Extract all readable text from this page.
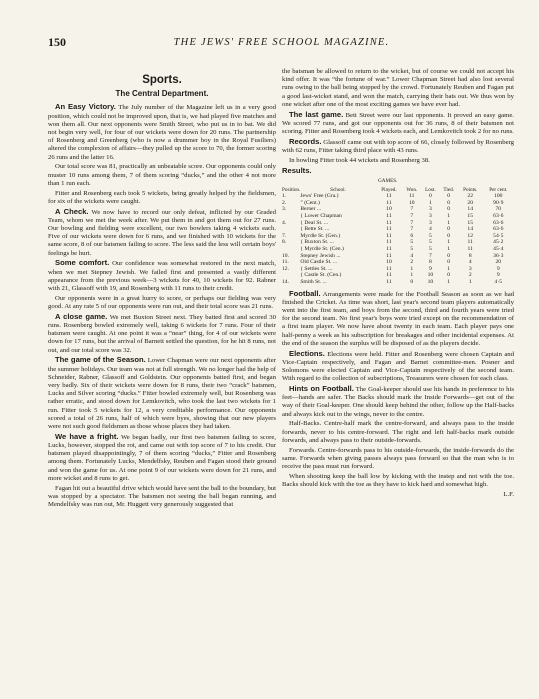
150	THE JEWS' FREE SCHOOL MAGAZINE.
Sports.
The Central Department.

An Easy Victory. The July number of the Magazine left us in a very good position, which could not be improved upon, that is, we had played five matches and won them all. Our next opponents were Smith Street, who put us in to bat. We did not begin very well, for four of our wickets were down for 20 runs. The partnership of Rosenberg and Greenberg (who is now a drummer boy in the Royal Fusiliers) altered the complexion of affairs—they pulled up the score to 70, the former scoring 26 runs and the latter 16.

Our total score was 81, practically an unbeatable score. Our opponents could only muster 10 runs among them, 7 of them scoring “ducks,” and the other 4 not more than 1 run each.

Fitter and Rosenberg each took 5 wickets, being greatly helped by the fieldsmen, for six of the wickets were caught.

A Check. We now have to record our only defeat, inflicted by our Graded Team, whom we met the week after. We put them in and got them out for 27 runs. Our bowling and fielding were excellent, our two bowlers taking 4 wickets each. Five of our wickets were down for 6 runs, and we finished with 10 wickets for the same score, 8 of our batsmen failing to score. The less said the less will certain boys' feelings be hurt.

Some comfort. Our confidence was somewhat restored in the next match, when we met Stepney Jewish. We failed first and presented a vastly different appearance from the previous week—3 wickets for 40, 10 wickets for 92. Rabner with 21, Glassoff with 19, and Rosenberg with 11 runs to their credit.

Our opponents were in a great hurry to score, or perhaps our fielding was very good. At any rate 5 of our opponents were run out, and their total score was 21 runs.

A close game. We met Buxton Street next. They batted first and scored 30 runs. Rosenberg bowled extremely well, taking 6 wickets for 7 runs. Four of their batsmen were caught. At one point it was a “near” thing, for 4 of our wickets were down for 17 runs, but the arrival of Barnett settled the question, for he hit 8 runs, not out, and our total score was 32.

The game of the Season. Lower Chapman were our next opponents after the summer holidays. Our team was not at full strength. We no longer had the help of Schneider, Rabner, Glassoff and Goldstein. Our opponents batted first, and began very badly. Six of their wickets were down for 8 runs, their two “crack” batsmen, Lucks and Silver scoring “ducks.” Fitter bowled extremely well, but Rosenberg was rather erratic, and stood down for Lemkovitch, who took the last two wickets for 1 run. Fitter took 5 wickets for 12, a very creditable performance. Our opponents scored a total of 26 runs, half of which were byes, showing that our new players were not such good fieldsmen as those whose places they had taken.

We have a fright. We began badly, our first two batsmen failing to score, Lucks, however, stopped the rot, and came out with top score of 7 to his credit. Our batsmen played disappointingly, 7 of them scoring “ducks,” Fitter and Rosenberg among them. Fortunately Lucks, Mendelfsky, Reuben and Fagan stood their ground and won the game for us. At one point 9 of our wickets were down for 21 runs, and more wicket and 8 runs to get.

Fagan hit out a beautiful drive which would have sent the ball to the boundary, but was stopped by a spectator. The batsmen not seeing the ball began running, and Mendelfsky was run out, Mr. Huggett very generously suggested that

the batsman be allowed to return to the wicket, but of course we could not accept his kind offer. It was “the fortune of war.” Lower Chapman Street had also lost several runs owing to the ball being stopped by the crowd. Fortunately Reuben and Fagan put a good last-wicket stand, and won the match, carrying their bats out. We thus won by one wicket after one of the most exciting games we have ever had.

The last game. Bett Street were our last opponents. It proved an easy game. We scored 77 runs, and got our opponents out for 36 runs, 8 of their batsmen not scoring. Fitter and Rosenberg took 4 wickets each, and Lemkovitch took 2 for no runs.

Records. Glassoff came out with top score of 66, closely followed by Rosenberg with 62 runs, Fitter taking third place with 43 runs.

In bowling Fitter took 44 wickets and Rosenberg 38.

Results.

GAMES.
Position.	School.	Played.	Won.	Lost.	Tied.	Points.	Per cent.
1.	Jews' Free (Gra.)	11	11	0	0	22	100
2.	” (Cent.)	11	10	1	0	20	90·9
3.	Berner ...	10	7	3	0	14	70
	{ Lower Chapman	11	7	3	1	15	63·6
4.	{ Deal St. ...	11	7	3	1	15	63·6
	{ Bette St. ...	11	7	4	0	14	63·6
7.	Myrdle St. (Gen.)	11	6	5	0	12	54·5
8.	{ Buxton St. ...	11	5	5	1	11	45·2
	{ Myrdle St. (Cen.)	11	5	5	1	11	45·4
10.	Stepney Jewish ...	11	4	7	0	8	36·3
11.	Old Castle St. ...	10	2	8	0	4	20
12.	{ Settles St. ...	11	1	9	1	3	9
	{ Castle St. (Cen.)	11	1	10	0	2	9
14.	Smith St. ...	11	0	10	1	1	4·5

Football. Arrangements were made for the Football Season as soon as we had finished the Cricket. As time was short, last year's second team players automatically went into the first team, and boys from the second, third and fourth years were tried for the second team. No first year's boys were tried except on the recommendation of a first team player. We now have about twenty in each team. Each player pays one half-penny a week as his subscription for breakages and other incidental expenses. At the end of the season the surplus will be disposed of as the players decide.

Elections. Elections were held. Fitter and Rosenberg were chosen Captain and Vice-Captain respectively, and Fagan and Barnet committee-men. Posner and Solomons were elected Captain and Vice-Captain respectively of the second team. With regard to the collection of subscriptions, Treasurers were chosen for each class.

Hints on Football. The Goal-keeper should use his hands in preference to his feet—hands are safer. The Backs should mark the Inside Forwards—get out of the way of their Goal-keeper. One should keep behind the other, follow up the Half-backs and always kick out to the wings, never to the centre.

Half-Backs. Centre-half mark the centre-forward, and always pass to the inside forwards, never to his centre-forward. The right and left half-backs mark outside forwards, and always pass to their outside-forwards.

Forwards. Centre-forwards pass to his outside-forwards, the inside-forwards do the same. Forwards when giving passes always pass forward so that the man who is to receive the pass must run forward.

When shooting keep the ball low by kicking with the instep and not with the toe. Backs should kick with the toe as they have to kick hard and somewhat high.

L.F.
